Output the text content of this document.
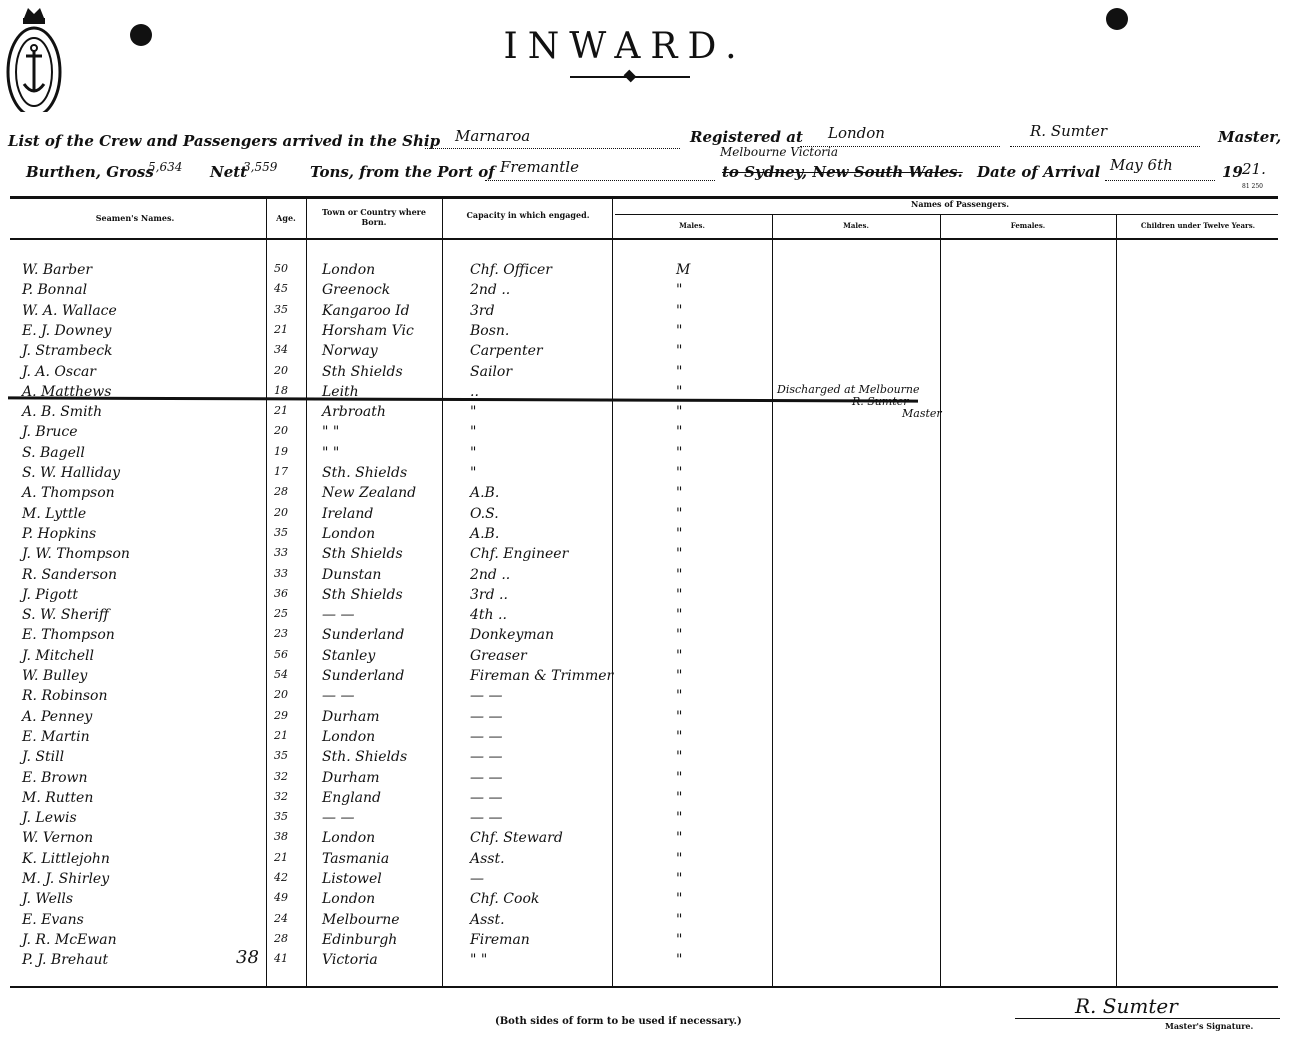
INWARD.
List of the Crew and Passengers arrived in the Ship Marnaroa	Registered at London	R. Sumter	Master,
Burthen, Gross
5,634 Nett
3,559 Tons, from the Port of Fremantle
Melbourne Victoria
to Sydney, New South Wales. Date of Arrival May 6th	19 21.
81 250
Seamen's Names.	Age.
Town or Country where Born.
Capacity in which engaged.
Names of Passengers.
Males.	Males.	Females.	Children under Twelve Years.
W. Barber	50 London	Chf. Officer	M
P. Bonnal	45 Greenock	2nd ..	"
W. A. Wallace	35 Kangaroo Id	3rd	"
E. J. Downey	21 Horsham Vic	Bosn.	"
J. Strambeck	34 Norway	Carpenter	"
J. A. Oscar	20 Sth Shields	Sailor	"
A. Matthews	18 Leith	..	"
A. B. Smith	21 Arbroath	"	"
J. Bruce	20 " "	"	"
S. Bagell	19 " "	"	"
S. W. Halliday	17 Sth. Shields	"	"
A. Thompson	28 New Zealand	A.B.	"
M. Lyttle	20 Ireland	O.S.	"
P. Hopkins	35 London	A.B.	"
J. W. Thompson	33 Sth Shields	Chf. Engineer	"
R. Sanderson	33 Dunstan	2nd ..	"
J. Pigott	36 Sth Shields	3rd ..	"
S. W. Sheriff	25 — —	4th ..	"
E. Thompson	23 Sunderland	Donkeyman	"
J. Mitchell	56 Stanley	Greaser	"
W. Bulley	54 Sunderland	Fireman & Trimmer	"
R. Robinson	20 — —	— —	"
A. Penney	29 Durham	— —	"
E. Martin	21 London	— —	"
J. Still	35 Sth. Shields	— —	"
E. Brown	32 Durham	— —	"
M. Rutten	32 England	— —	"
J. Lewis	35 — —	— —	"
W. Vernon	38 London	Chf. Steward	"
K. Littlejohn	21 Tasmania	Asst.	"
M. J. Shirley	42 Listowel	—	"
J. Wells	49 London	Chf. Cook	"
E. Evans	24 Melbourne	Asst.	"
J. R. McEwan	28 Edinburgh	Fireman	"
P. J. Brehaut	41 Victoria	" "	"
Discharged at Melbourne
R. Sumter
Master
38
(Both sides of form to be used if necessary.)
R. Sumter
Master's Signature.
